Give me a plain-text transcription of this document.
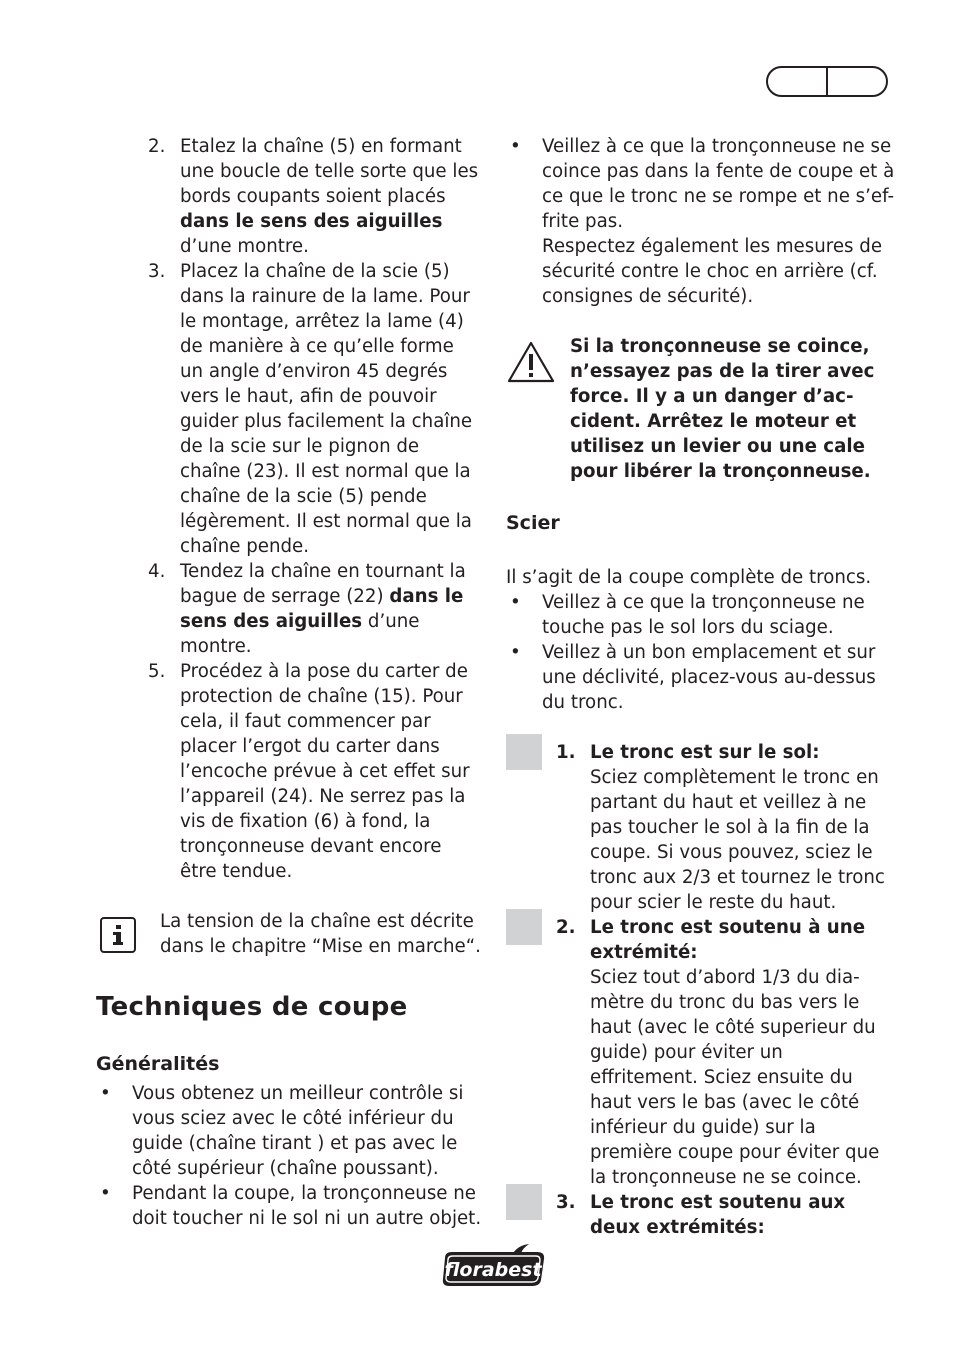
2. Etalez la chaîne (5) en formant une boucle de telle sorte que les bords coupants soient placés dans le sens des aiguilles d’une montre.
3. Placez la chaîne de la scie (5) dans la rainure de la lame. Pour le montage, arrêtez la lame (4) de manière à ce qu’elle forme un angle d’environ 45 degrés vers le haut, afin de pouvoir guider plus facilement la chaîne de la scie sur le pignon de chaîne (23). Il est normal que la chaîne de la scie (5) pende légèrement. Il est normal que la chaîne pende.
4. Tendez la chaîne en tournant la bague de serrage (22) dans le sens des aiguilles d’une montre.
5. Procédez à la pose du carter de protection de chaîne (15). Pour cela, il faut commencer par placer l’ergot du carter dans l’encoche prévue à cet effet sur l’appareil (24). Ne serrez pas la vis de fixation (6) à fond, la tronçonneuse devant encore être tendue.
La tension de la chaîne est décrite dans le chapitre “Mise en marche“.
Techniques de coupe
Généralités
• Vous obtenez un meilleur contrôle si vous sciez avec le côté inférieur du guide (chaîne tirant ) et pas avec le côté supérieur (chaîne poussant).
• Pendant la coupe, la tronçonneuse ne doit toucher ni le sol ni un autre objet.
• Veillez à ce que la tronçonneuse ne se coince pas dans la fente de coupe et à ce que le tronc ne se rompe et ne s’ef-frite pas.
Respectez également les mesures de sécurité contre le choc en arrière (cf. consignes de sécurité).
Si la tronçonneuse se coince, n’essayez pas de la tirer avec force. Il y a un danger d’ac-cident. Arrêtez le moteur et utilisez un levier ou une cale pour libérer la tronçonneuse.
Scier
Il s’agit de la coupe complète de troncs.
• Veillez à ce que la tronçonneuse ne touche pas le sol lors du sciage.
• Veillez à un bon emplacement et sur une déclivité, placez-vous au-dessus du tronc.
1. Le tronc est sur le sol:
Sciez complètement le tronc en partant du haut et veillez à ne pas toucher le sol à la fin de la coupe. Si vous pouvez, sciez le tronc aux 2/3 et tournez le tronc pour scier le reste du haut.
2. Le tronc est soutenu à une extrémité:
Sciez tout d’abord 1/3 du dia-mètre du tronc du bas vers le haut (avec le côté superieur du guide) pour éviter un effritement. Sciez ensuite du haut vers le bas (avec le côté inférieur du guide) sur la première coupe pour éviter que la tronçonneuse ne se coince.
3. Le tronc est soutenu aux deux extrémités:
florabest
